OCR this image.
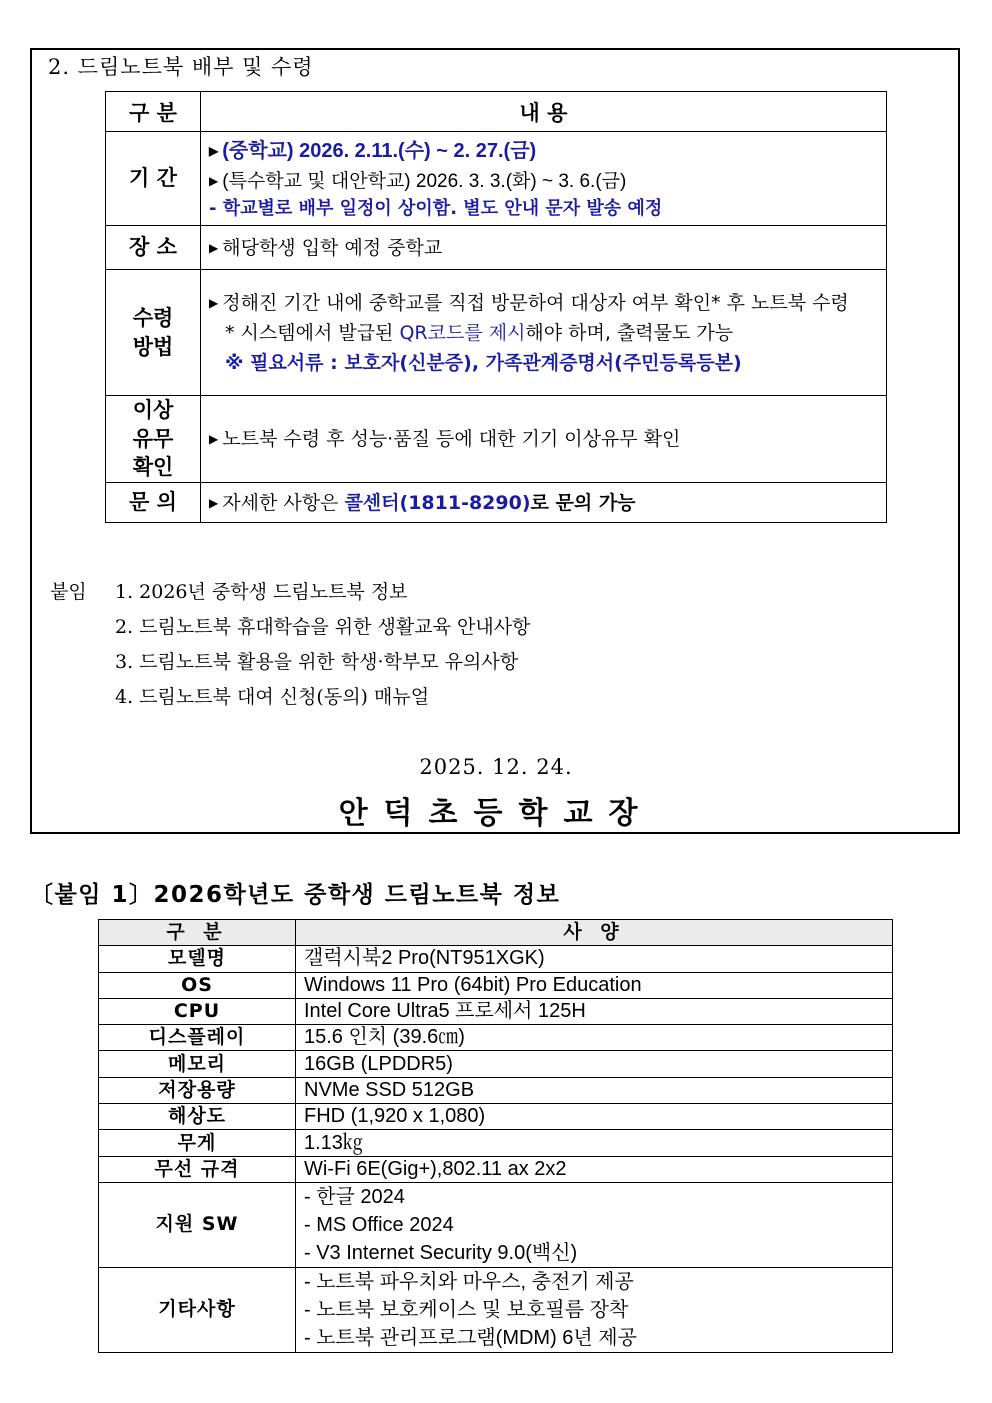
2. 드림노트북 배부 및 수령
구 분	내 용
기 간	▶ (중학교) 2026. 2.11.(수) ~ 2. 27.(금)
▶ (특수학교 및 대안학교) 2026. 3. 3.(화) ~ 3. 6.(금)
- 학교별로 배부 일정이 상이함. 별도 안내 문자 발송 예정

장 소	▶ 해당학생 입학 예정 중학교

수령
방법	▶ 정해진 기간 내에 중학교를 직접 방문하여 대상자 여부 확인* 후 노트북 수령
* 시스템에서 발급된 QR코드를 제시해야 하며, 출력물도 가능
※ 필요서류 : 보호자(신분증), 가족관계증명서(주민등록등본)

이상
유무
확인	▶ 노트북 수령 후 성능·품질 등에 대한 기기 이상유무 확인

문 의	▶ 자세한 사항은 콜센터(1811-8290)로 문의 가능
붙임 1. 2026년 중학생 드림노트북 정보
2. 드림노트북 휴대학습을 위한 생활교육 안내사항
3. 드림노트북 활용을 위한 학생·학부모 유의사항
4. 드림노트북 대여 신청(동의) 매뉴얼
2025. 12. 24.
안덕초등학교장
〔붙임 1〕2026학년도 중학생 드림노트북 정보
구 분	사 양
모델명	갤럭시북2 Pro(NT951XGK)
OS	Windows 11 Pro (64bit) Pro Education
CPU	Intel Core Ultra5 프로세서 125H
디스플레이	15.6 인치 (39.6㎝)
메모리	16GB (LPDDR5)
저장용량	NVMe SSD 512GB
해상도	FHD (1,920 x 1,080)
무게	1.13㎏
무선 규격	Wi-Fi 6E(Gig+),802.11 ax 2x2
지원 SW	- 한글 2024
- MS Office 2024
- V3 Internet Security 9.0(백신)

기타사항	- 노트북 파우치와 마우스, 충전기 제공
- 노트북 보호케이스 및 보호필름 장착
- 노트북 관리프로그램(MDM) 6년 제공
